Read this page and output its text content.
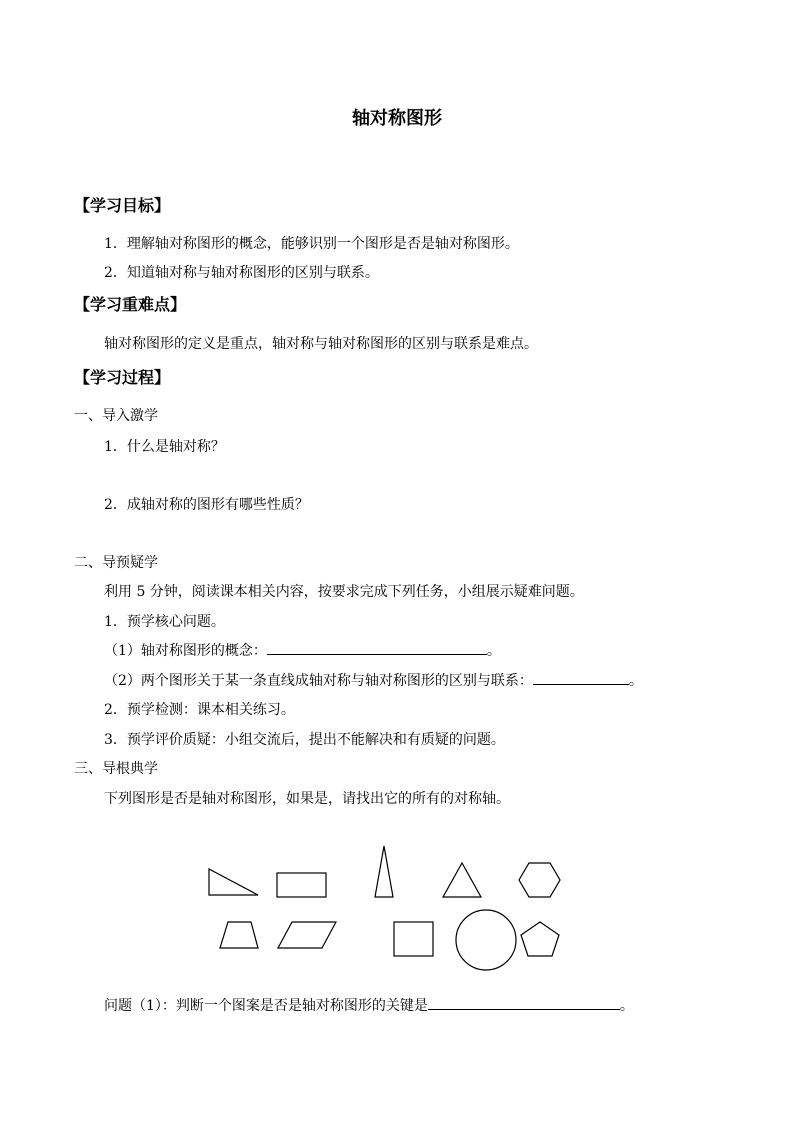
轴对称图形
【学习目标】
1．理解轴对称图形的概念，能够识别一个图形是否是轴对称图形。
2．知道轴对称与轴对称图形的区别与联系。
【学习重难点】
轴对称图形的定义是重点，轴对称与轴对称图形的区别与联系是难点。
【学习过程】
一、导入激学
1．什么是轴对称？
2．成轴对称的图形有哪些性质？
二、导预疑学
利用 5 分钟，阅读课本相关内容，按要求完成下列任务，小组展示疑难问题。
1．预学核心问题。
（1）轴对称图形的概念：	。
（2）两个图形关于某一条直线成轴对称与轴对称图形的区别与联系：	。
2．预学检测：课本相关练习。
3．预学评价质疑：小组交流后，提出不能解决和有质疑的问题。
三、导根典学
下列图形是否是轴对称图形，如果是，请找出它的所有的对称轴。
问题（1）：判断一个图案是否是轴对称图形的关键是	。
